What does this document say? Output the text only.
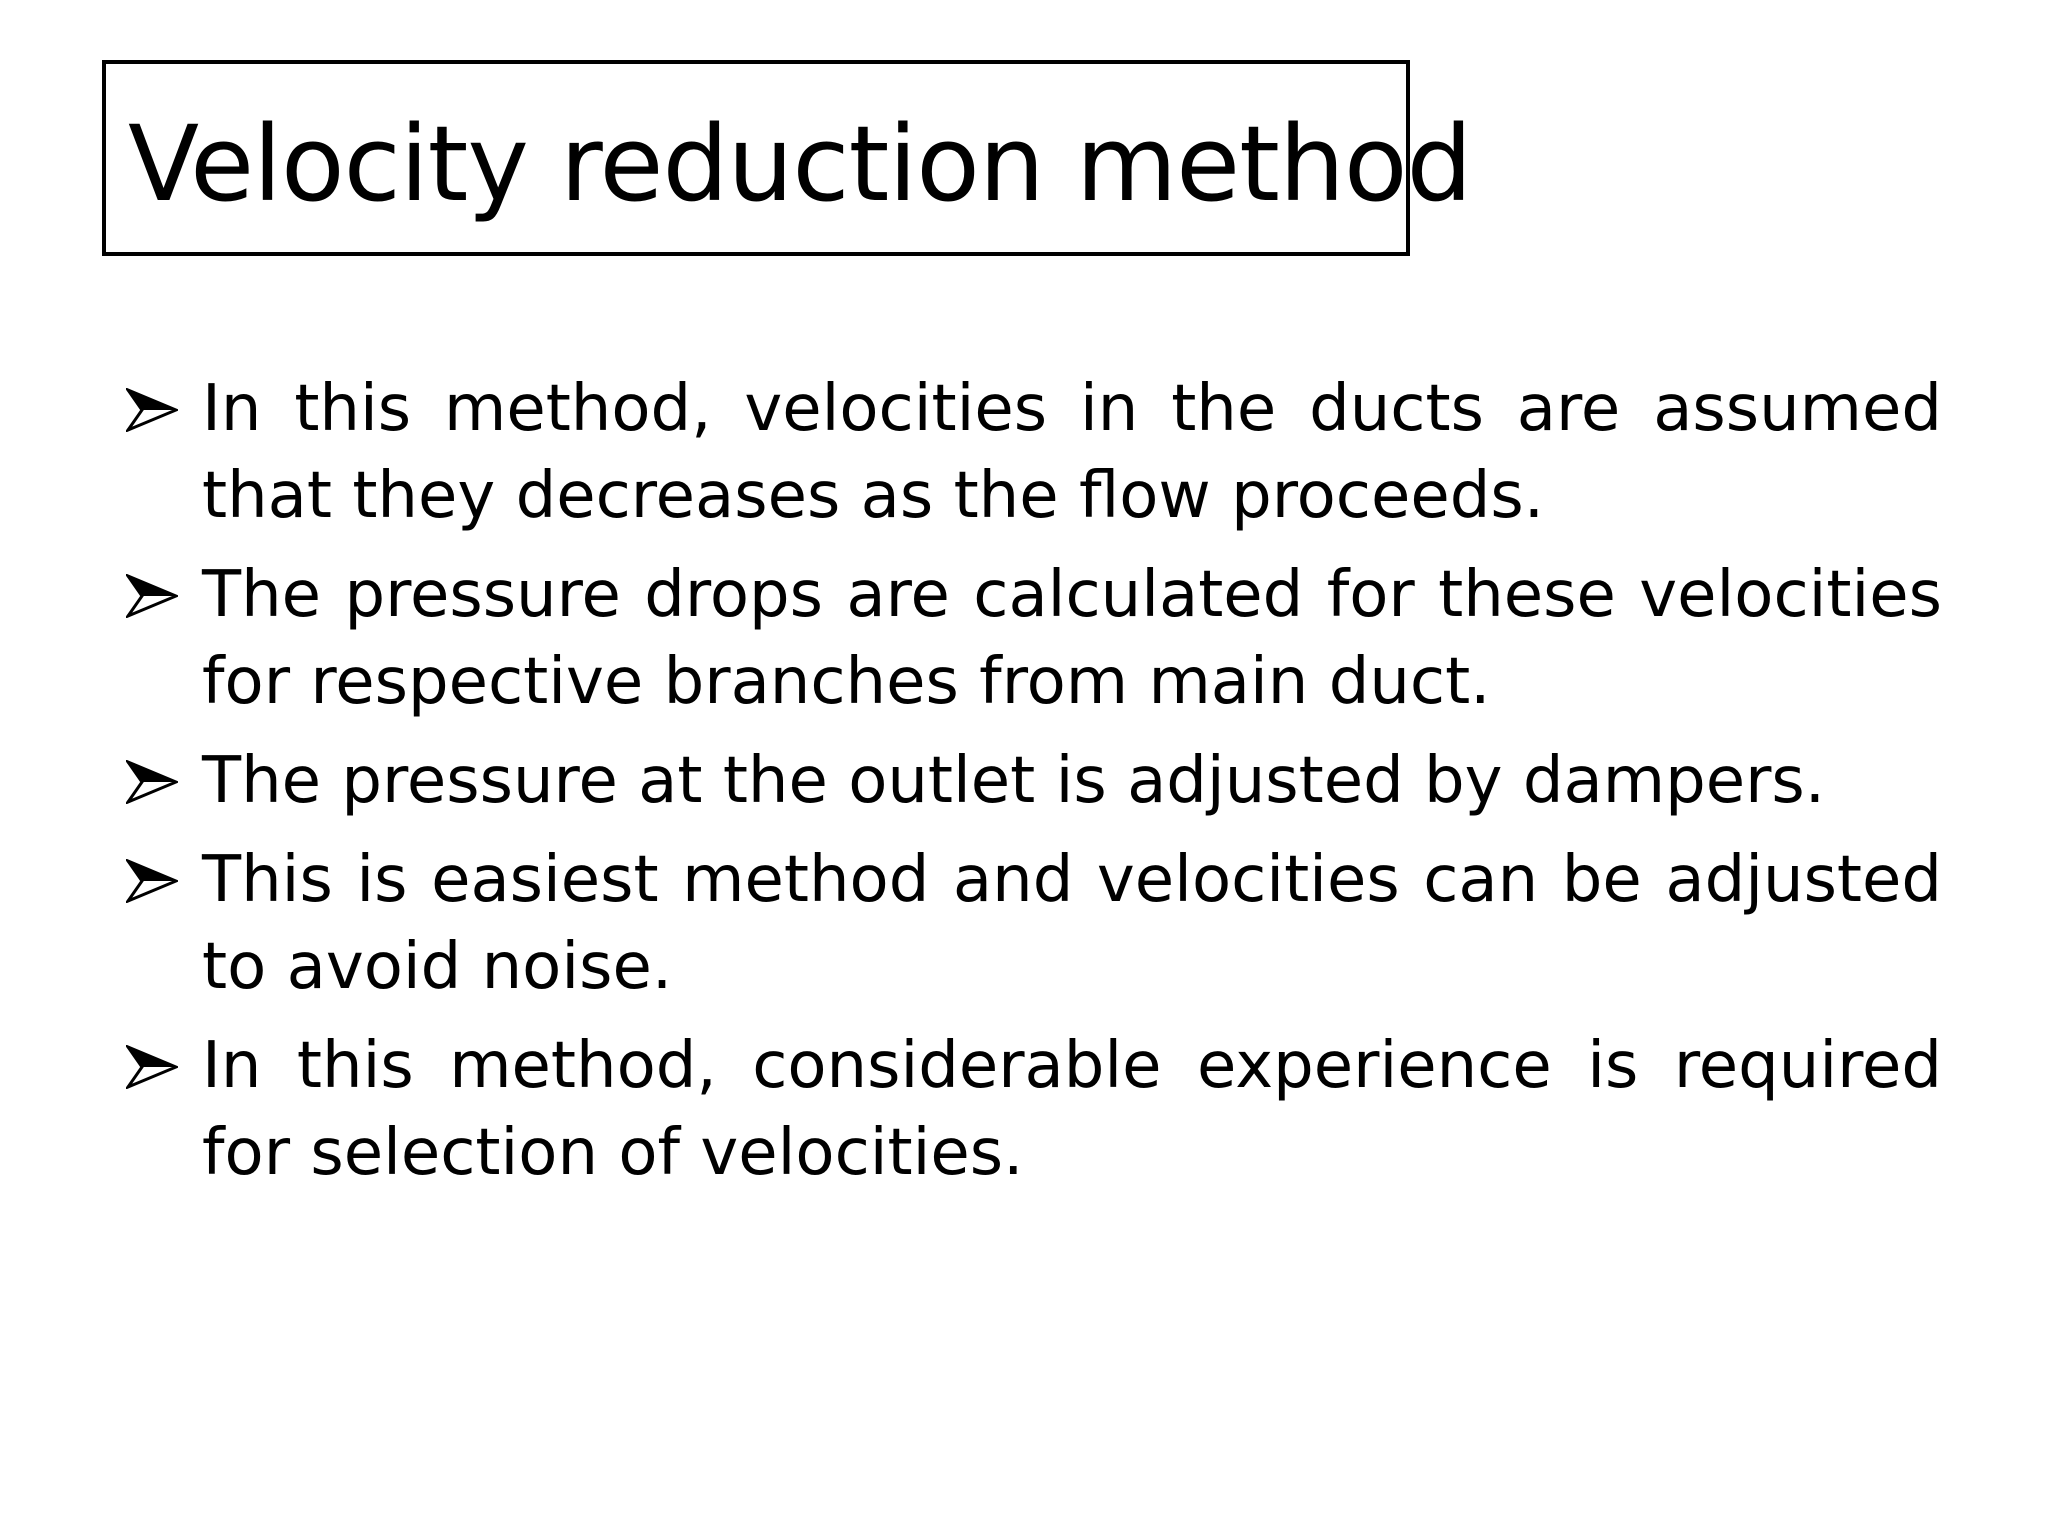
Velocity reduction method
In this method, velocities in the ducts are assumed that they decreases as the flow proceeds.
The pressure drops are calculated for these velocities for respective branches from main duct.
The pressure at the outlet is adjusted by dampers.
This is easiest method and velocities can be adjusted to avoid noise.
In this method, considerable experience is required for selection of velocities.
